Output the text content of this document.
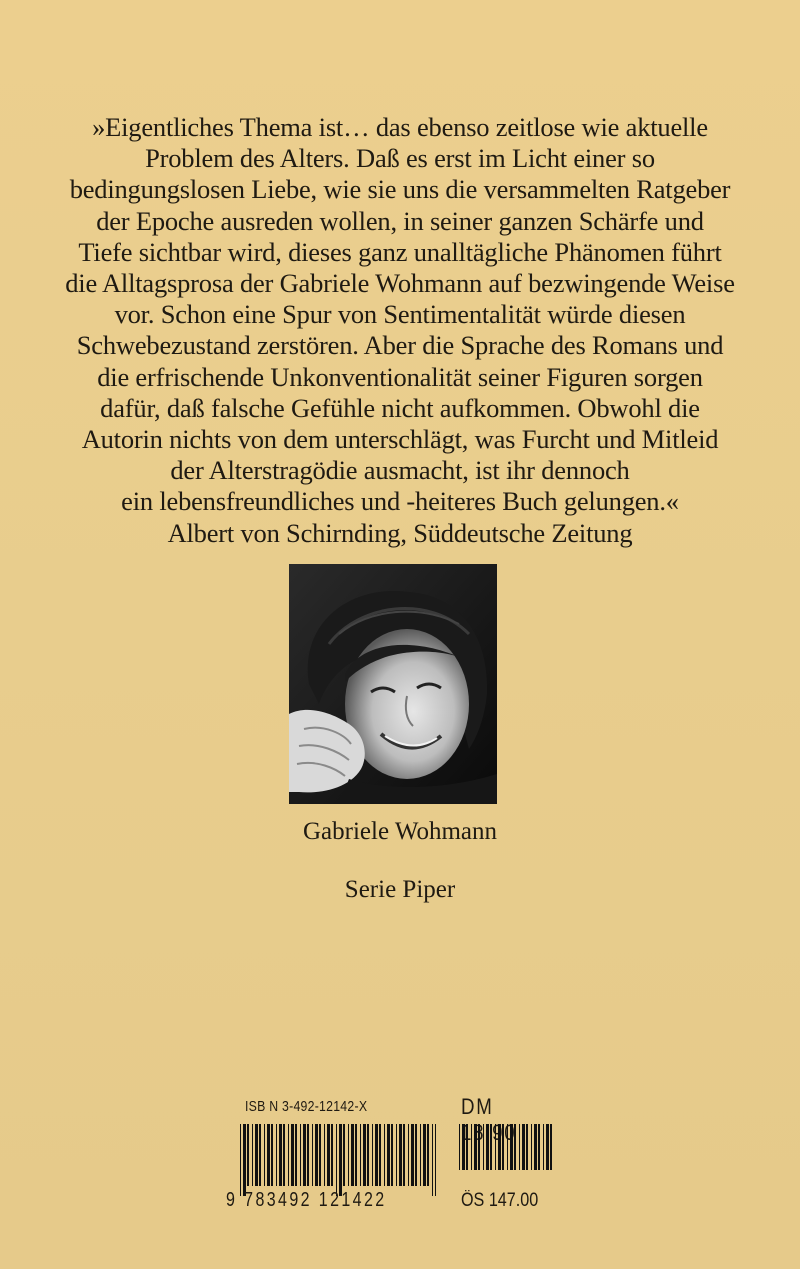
»Eigentliches Thema ist… das ebenso zeitlose wie aktuelle
Problem des Alters. Daß es erst im Licht einer so
bedingungslosen Liebe, wie sie uns die versammelten Ratgeber
der Epoche ausreden wollen, in seiner ganzen Schärfe und
Tiefe sichtbar wird, dieses ganz unalltägliche Phänomen führt
die Alltagsprosa der Gabriele Wohmann auf bezwingende Weise
vor. Schon eine Spur von Sentimentalität würde diesen
Schwebezustand zerstören. Aber die Sprache des Romans und
die erfrischende Unkonventionalität seiner Figuren sorgen
dafür, daß falsche Gefühle nicht aufkommen. Obwohl die
Autorin nichts von dem unterschlägt, was Furcht und Mitleid
der Alterstragödie ausmacht, ist ihr dennoch
ein lebensfreundliches und -heiteres Buch gelungen.«
Albert von Schirnding, Süddeutsche Zeitung
Gabriele Wohmann
Serie Piper
ISB N 3-492-12142-X	DM
9 783492 121422	ÖS 147.00
